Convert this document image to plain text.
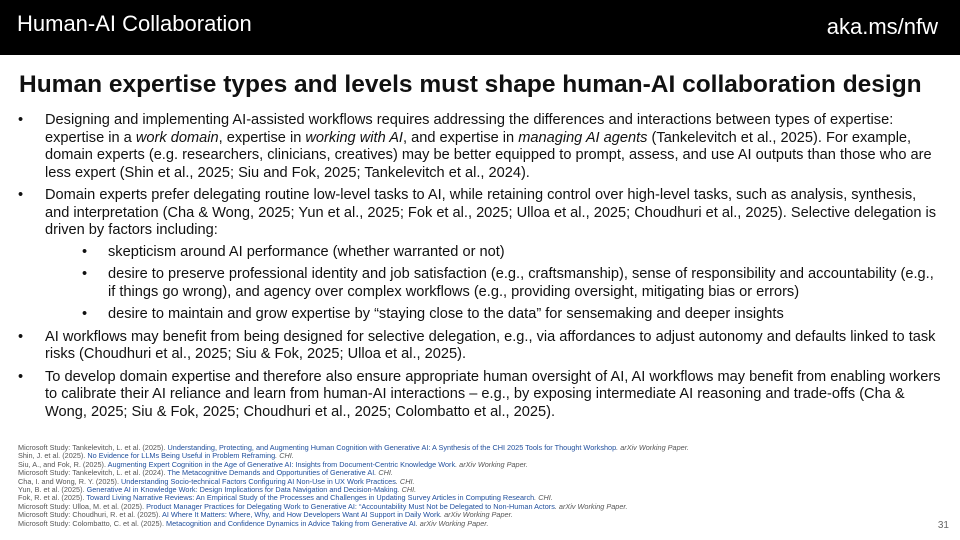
Human-AI Collaboration	aka.ms/nfw
Human expertise types and levels must shape human-AI collaboration design
• Designing and implementing AI-assisted workflows requires addressing the differences and interactions between types of expertise: expertise in a work domain, expertise in working with AI, and expertise in managing AI agents (Tankelevitch et al., 2025). For example, domain experts (e.g. researchers, clinicians, creatives) may be better equipped to prompt, assess, and use AI outputs than those who are less expert (Shin et al., 2025; Siu and Fok, 2025; Tankelevitch et al., 2024).
• Domain experts prefer delegating routine low-level tasks to AI, while retaining control over high-level tasks, such as analysis, synthesis, and interpretation (Cha & Wong, 2025; Yun et al., 2025; Fok et al., 2025; Ulloa et al., 2025; Choudhuri et al., 2025). Selective delegation is driven by factors including:
• skepticism around AI performance (whether warranted or not)
• desire to preserve professional identity and job satisfaction (e.g., craftsmanship), sense of responsibility and accountability (e.g., if things go wrong), and agency over complex workflows (e.g., providing oversight, mitigating bias or errors)
• desire to maintain and grow expertise by “staying close to the data” for sensemaking and deeper insights
• AI workflows may benefit from being designed for selective delegation, e.g., via affordances to adjust autonomy and defaults linked to task risks (Choudhuri et al., 2025; Siu & Fok, 2025; Ulloa et al., 2025).
• To develop domain expertise and therefore also ensure appropriate human oversight of AI, AI workflows may benefit from enabling workers to calibrate their AI reliance and learn from human-AI interactions – e.g., by exposing intermediate AI reasoning and trade-offs (Cha & Wong, 2025; Siu & Fok, 2025; Choudhuri et al., 2025; Colombatto et al., 2025).
Microsoft Study: Tankelevitch, L. et al. (2025). Understanding, Protecting, and Augmenting Human Cognition with Generative AI: A Synthesis of the CHI 2025 Tools for Thought Workshop. arXiv Working Paper.
Shin, J. et al. (2025). No Evidence for LLMs Being Useful in Problem Reframing. CHI.
Siu, A., and Fok, R. (2025). Augmenting Expert Cognition in the Age of Generative AI: Insights from Document-Centric Knowledge Work. arXiv Working Paper.
Microsoft Study: Tankelevitch, L. et al. (2024). The Metacognitive Demands and Opportunities of Generative AI. CHI.
Cha, I. and Wong, R. Y. (2025). Understanding Socio-technical Factors Configuring AI Non-Use in UX Work Practices. CHI.
Yun, B. et al. (2025). Generative AI in Knowledge Work: Design Implications for Data Navigation and Decision-Making. CHI.
Fok, R. et al. (2025). Toward Living Narrative Reviews: An Empirical Study of the Processes and Challenges in Updating Survey Articles in Computing Research. CHI.
Microsoft Study: Ulloa, M. et al. (2025). Product Manager Practices for Delegating Work to Generative AI: “Accountability Must Not be Delegated to Non-Human Actors. arXiv Working Paper.
Microsoft Study: Choudhuri, R. et al. (2025). AI Where It Matters: Where, Why, and How Developers Want AI Support in Daily Work. arXiv Working Paper.
Microsoft Study: Colombatto, C. et al. (2025). Metacognition and Confidence Dynamics in Advice Taking from Generative AI. arXiv Working Paper.	31
